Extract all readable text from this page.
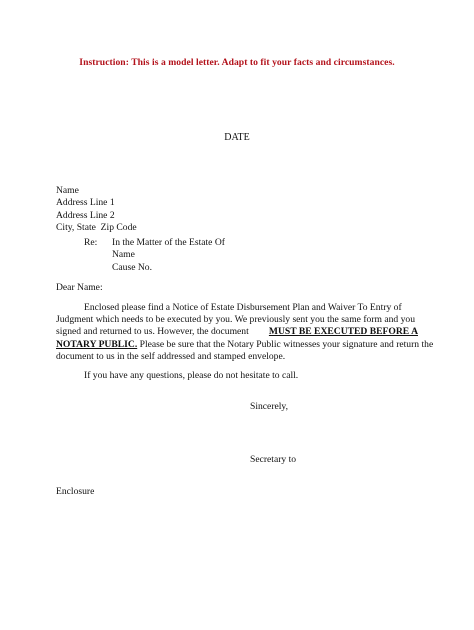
Instruction: This is a model letter. Adapt to fit your facts and circumstances.
DATE
Name
Address Line 1
Address Line 2
City, State  Zip Code
Re: In the Matter of the Estate Of
Name
Cause No.
Dear Name:
Enclosed please find a Notice of Estate Disbursement Plan and Waiver To Entry of
Judgment which needs to be executed by you. We previously sent you the same form and you
signed and returned to us. However, the document MUST BE EXECUTED BEFORE A
NOTARY PUBLIC. Please be sure that the Notary Public witnesses your signature and return the
document to us in the self addressed and stamped envelope.
If you have any questions, please do not hesitate to call.
Sincerely,
Secretary to
Enclosure
